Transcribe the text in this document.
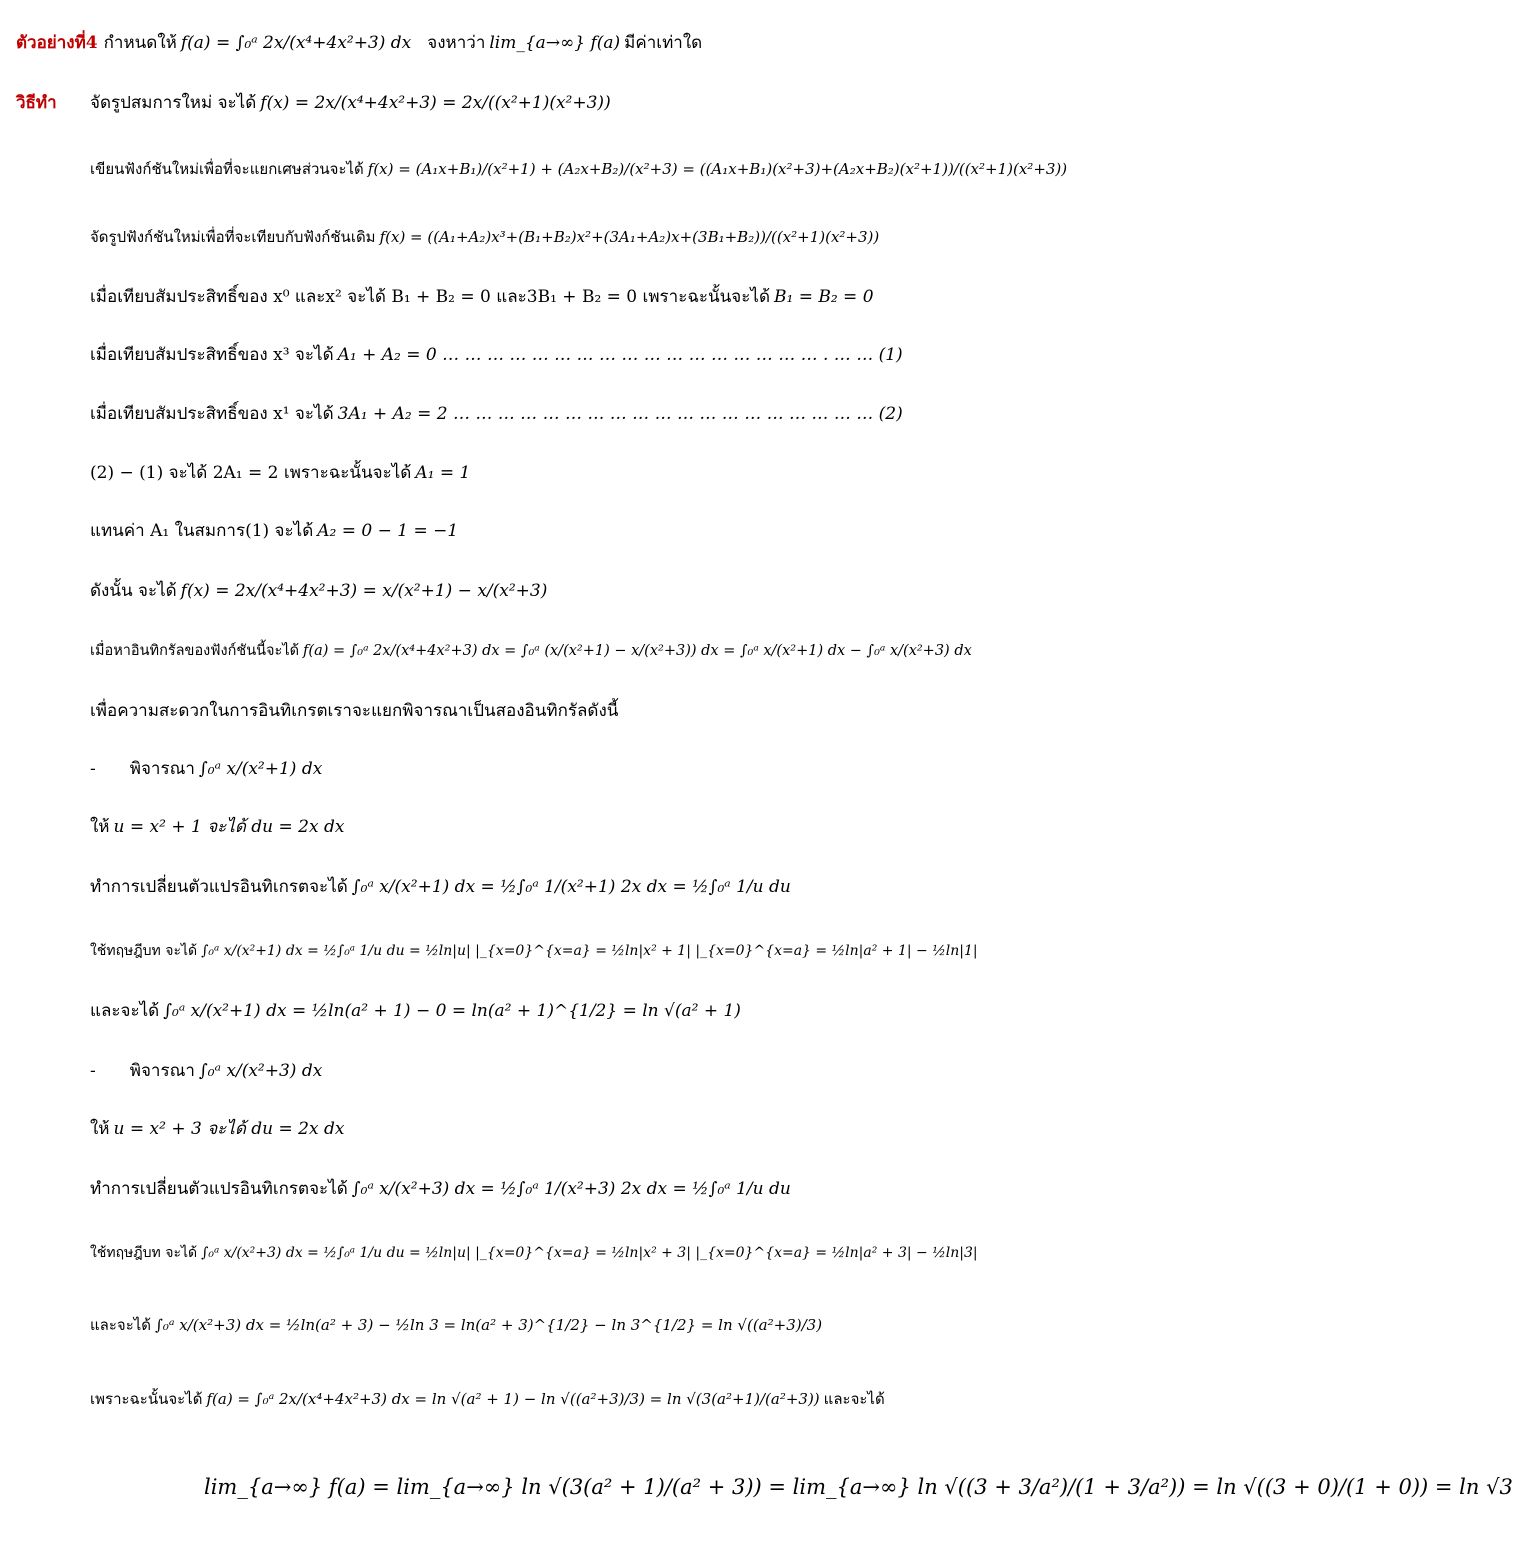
ตัวอย่างที่4 กำหนดให้ f(a) = ∫₀ᵃ 2x/(x⁴+4x²+3) dx จงหาว่า lim_{a→∞} f(a) มีค่าเท่าใด
วิธีทำ จัดรูปสมการใหม่ จะได้ f(x) = 2x/(x⁴+4x²+3) = 2x/((x²+1)(x²+3))
เขียนฟังก์ชันใหม่เพื่อที่จะแยกเศษส่วนจะได้ f(x) = (A₁x+B₁)/(x²+1) + (A₂x+B₂)/(x²+3) = ((A₁x+B₁)(x²+3)+(A₂x+B₂)(x²+1))/((x²+1)(x²+3))
จัดรูปฟังก์ชันใหม่เพื่อที่จะเทียบกับฟังก์ชันเดิม f(x) = ((A₁+A₂)x³+(B₁+B₂)x²+(3A₁+A₂)x+(3B₁+B₂))/((x²+1)(x²+3))
เมื่อเทียบสัมประสิทธิ์ของ x⁰ และx² จะได้ B₁ + B₂ = 0 และ3B₁ + B₂ = 0 เพราะฉะนั้นจะได้ B₁ = B₂ = 0
เมื่อเทียบสัมประสิทธิ์ของ x³ จะได้ A₁ + A₂ = 0 … … … … … … … … … … … … … … … … … . … … (1)
เมื่อเทียบสัมประสิทธิ์ของ x¹ จะได้ 3A₁ + A₂ = 2 … … … … … … … … … … … … … … … … … … … (2)
(2) − (1) จะได้ 2A₁ = 2 เพราะฉะนั้นจะได้ A₁ = 1
แทนค่า A₁ ในสมการ(1) จะได้ A₂ = 0 − 1 = −1
ดังนั้น จะได้ f(x) = 2x/(x⁴+4x²+3) = x/(x²+1) − x/(x²+3)
เมื่อหาอินทิกรัลของฟังก์ชันนี้จะได้ f(a) = ∫₀ᵃ 2x/(x⁴+4x²+3) dx = ∫₀ᵃ (x/(x²+1) − x/(x²+3)) dx = ∫₀ᵃ x/(x²+1) dx − ∫₀ᵃ x/(x²+3) dx
เพื่อความสะดวกในการอินทิเกรตเราจะแยกพิจารณาเป็นสองอินทิกรัลดังนี้
- พิจารณา ∫₀ᵃ x/(x²+1) dx
ให้ u = x² + 1 จะได้ du = 2x dx
ทำการเปลี่ยนตัวแปรอินทิเกรตจะได้ ∫₀ᵃ x/(x²+1) dx = ½∫₀ᵃ 1/(x²+1) 2x dx = ½∫₀ᵃ 1/u du
ใช้ทฤษฎีบท จะได้ ∫₀ᵃ x/(x²+1) dx = ½∫₀ᵃ 1/u du = ½ln|u| |_{x=0}^{x=a} = ½ln|x² + 1| |_{x=0}^{x=a} = ½ln|a² + 1| − ½ln|1|
และจะได้ ∫₀ᵃ x/(x²+1) dx = ½ln(a² + 1) − 0 = ln(a² + 1)^{1/2} = ln √(a² + 1)
- พิจารณา ∫₀ᵃ x/(x²+3) dx
ให้ u = x² + 3 จะได้ du = 2x dx
ทำการเปลี่ยนตัวแปรอินทิเกรตจะได้ ∫₀ᵃ x/(x²+3) dx = ½∫₀ᵃ 1/(x²+3) 2x dx = ½∫₀ᵃ 1/u du
ใช้ทฤษฎีบท จะได้ ∫₀ᵃ x/(x²+3) dx = ½∫₀ᵃ 1/u du = ½ln|u| |_{x=0}^{x=a} = ½ln|x² + 3| |_{x=0}^{x=a} = ½ln|a² + 3| − ½ln|3|
และจะได้ ∫₀ᵃ x/(x²+3) dx = ½ln(a² + 3) − ½ln 3 = ln(a² + 3)^{1/2} − ln 3^{1/2} = ln √((a²+3)/3)
เพราะฉะนั้นจะได้ f(a) = ∫₀ᵃ 2x/(x⁴+4x²+3) dx = ln √(a² + 1) − ln √((a²+3)/3) = ln √(3(a²+1)/(a²+3)) และจะได้
lim_{a→∞} f(a) = lim_{a→∞} ln √(3(a² + 1)/(a² + 3)) = lim_{a→∞} ln √((3 + 3/a²)/(1 + 3/a²)) = ln √((3 + 0)/(1 + 0)) = ln √3
